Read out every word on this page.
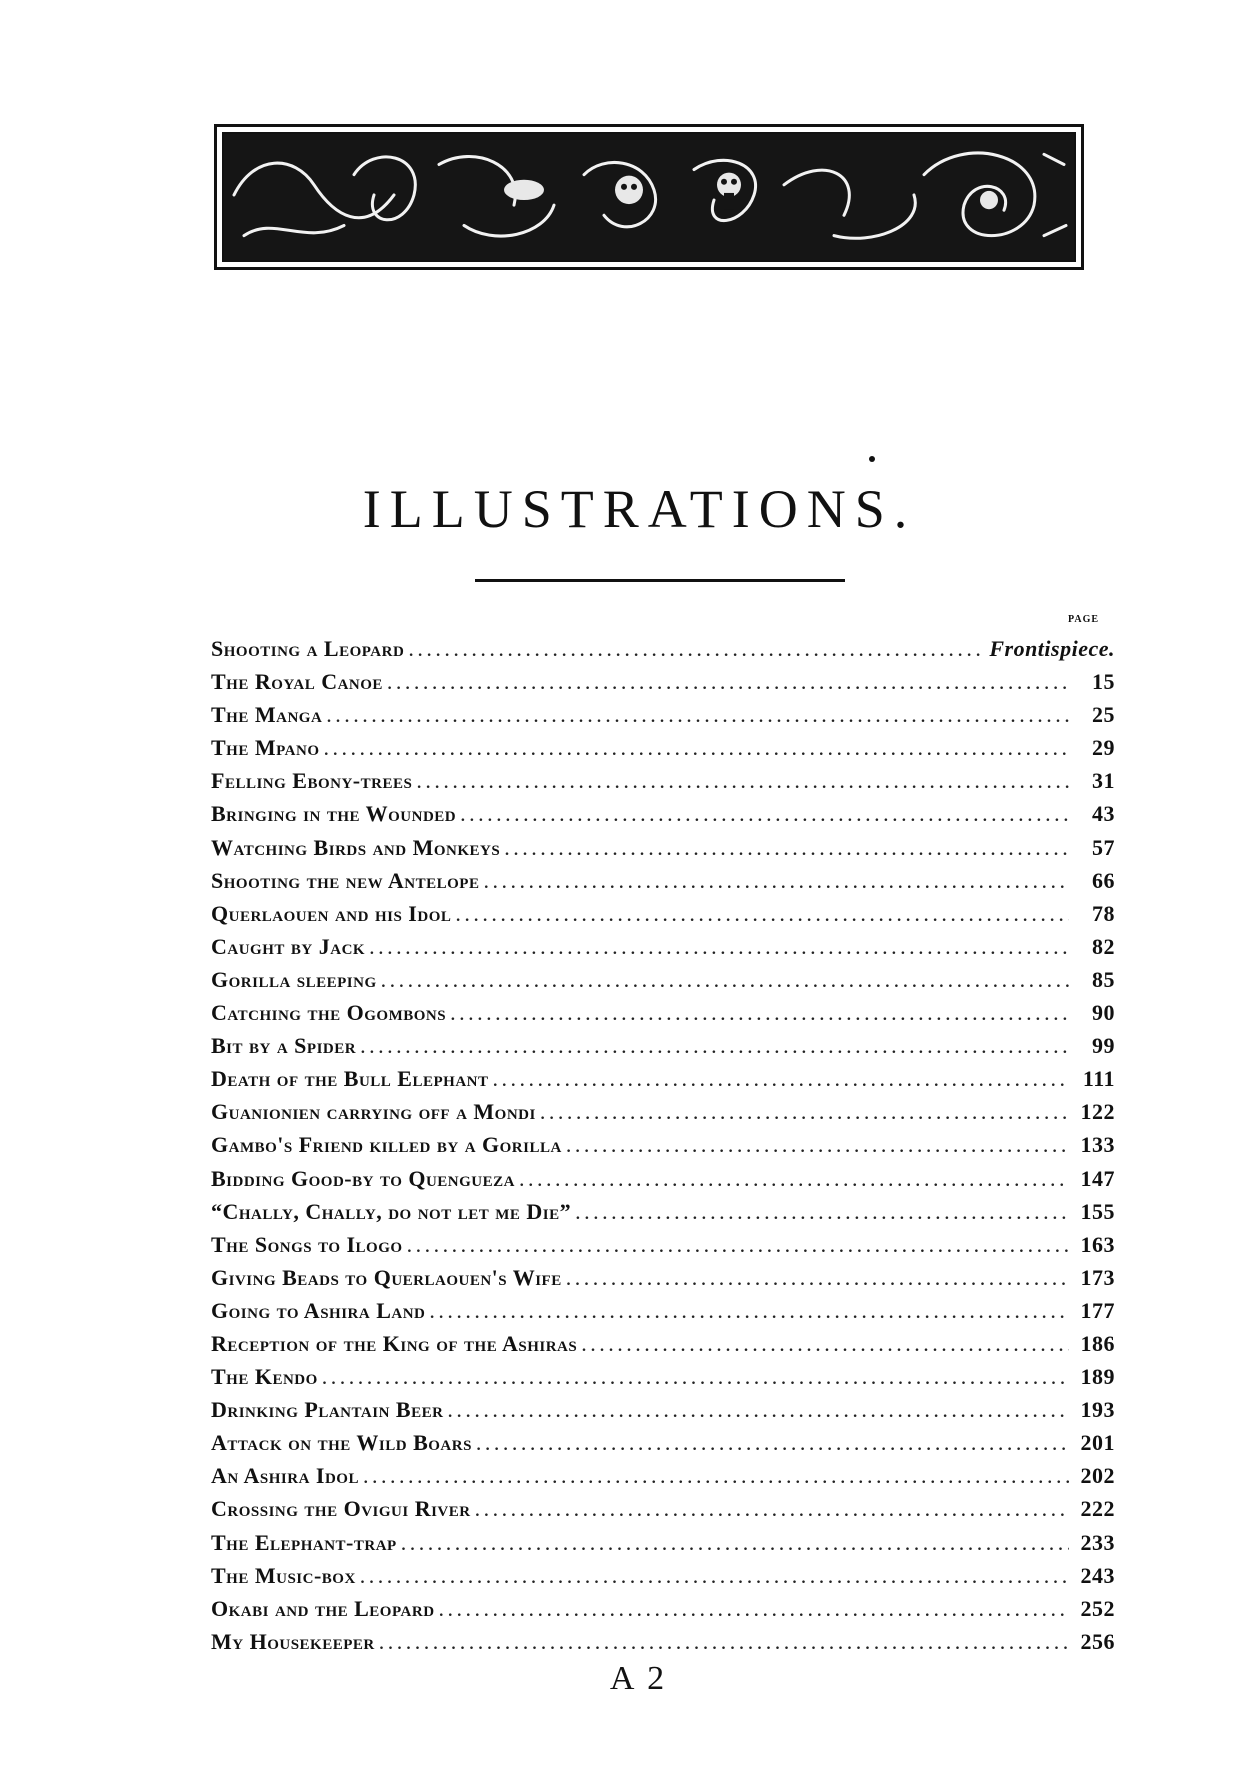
ILLUSTRATIONS.
PAGE
Shooting a Leopard . . .	Frontispiece.
The Royal Canoe . . .	15
The Manga . . .	25
The Mpano . . .	29
Felling Ebony-trees . . .	31
Bringing in the Wounded . . .	43
Watching Birds and Monkeys . . .	57
Shooting the new Antelope . . .	66
Querlaouen and his Idol . . .	78
Caught by Jack . . .	82
Gorilla sleeping . . .	85
Catching the Ogombons . . .	90
Bit by a Spider . . .	99
Death of the Bull Elephant . . .	111
Guanionien carrying off a Mondi . . .	122
Gambo's Friend killed by a Gorilla . . .	133
Bidding Good-by to Quengueza . . .	147
“Chally, Chally, do not let me Die” . . .	155
The Songs to Ilogo . . .	163
Giving Beads to Querlaouen's Wife . . .	173
Going to Ashira Land . . .	177
Reception of the King of the Ashiras . . .	186
The Kendo . . .	189
Drinking Plantain Beer . . .	193
Attack on the Wild Boars . . .	201
An Ashira Idol . . .	202
Crossing the Ovigui River . . .	222
The Elephant-trap . . .	233
The Music-box . . .	243
Okabi and the Leopard . . .	252
My Housekeeper . . .	256
A 2
